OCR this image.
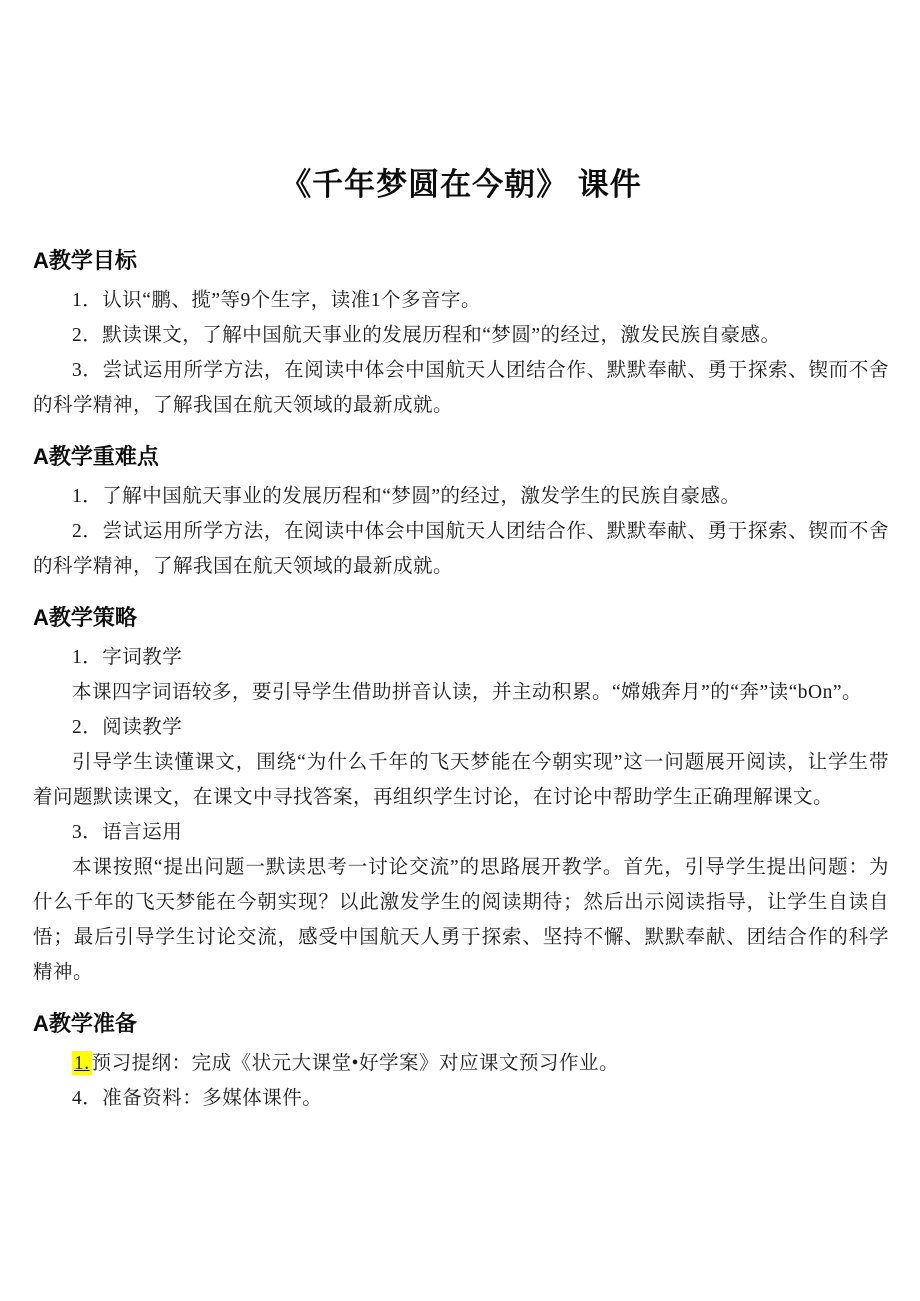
《千年梦圆在今朝》 课件
A教学目标

1．认识“鹏、揽”等9个生字，读准1个多音字。

2．默读课文，了解中国航天事业的发展历程和“梦圆”的经过，激发民族自豪感。

3．尝试运用所学方法，在阅读中体会中国航天人团结合作、默默奉献、勇于探索、锲而不舍的科学精神，了解我国在航天领域的最新成就。

A教学重难点

1．了解中国航天事业的发展历程和“梦圆”的经过，激发学生的民族自豪感。

2．尝试运用所学方法，在阅读中体会中国航天人团结合作、默默奉献、勇于探索、锲而不舍的科学精神，了解我国在航天领域的最新成就。

A教学策略

1．字词教学

本课四字词语较多，要引导学生借助拼音认读，并主动积累。“嫦娥奔月”的“奔”读“bOn”。

2．阅读教学

引导学生读懂课文，围绕“为什么千年的飞天梦能在今朝实现”这一问题展开阅读，让学生带着问题默读课文，在课文中寻找答案，再组织学生讨论，在讨论中帮助学生正确理解课文。

3．语言运用

本课按照“提出问题一默读思考一讨论交流”的思路展开教学。首先，引导学生提出问题：为什么千年的飞天梦能在今朝实现？以此激发学生的阅读期待；然后出示阅读指导，让学生自读自悟；最后引导学生讨论交流，感受中国航天人勇于探索、坚持不懈、默默奉献、团结合作的科学精神。

A教学准备

1. 预习提纲：完成《状元大课堂•好学案》对应课文预习作业。

4．准备资料：多媒体课件。
